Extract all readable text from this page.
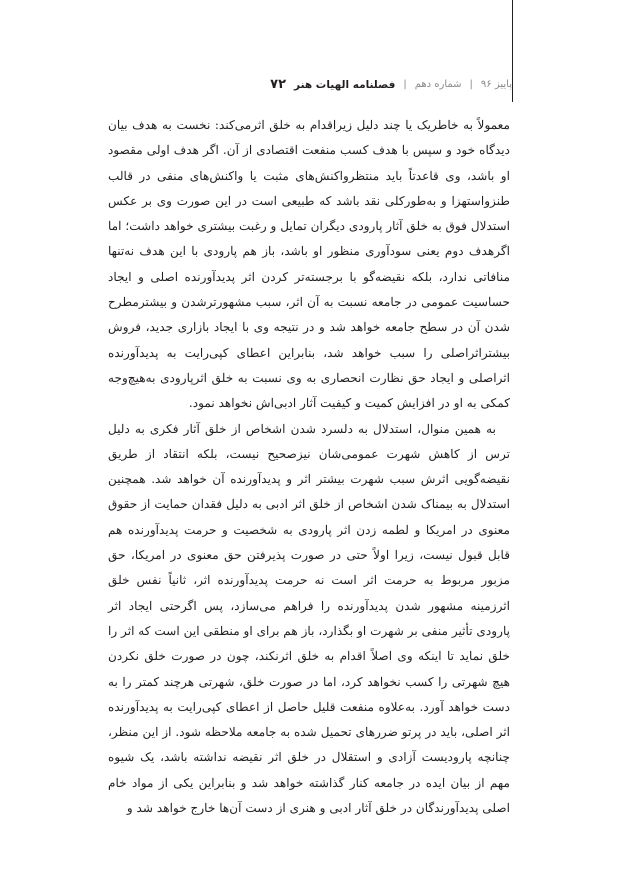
۷۲ فصلنامه الهیات هنر | شماره دهم | پاییز ۹۶

معمولاً به خاطریک یا چند دلیل زیراقدام به خلق اثرمی‌کند: نخست به هدف بیان دیدگاه خود و سپس با هدف کسب منفعت اقتصادی از آن. اگر هدف اولی مقصود او باشد، وی قاعدتاً باید منتظرواکنش‌های مثبت یا واکنش‌های منفی در قالب طنزواستهزا و به‌طورکلی نقد باشد که طبیعی است در این صورت وی بر عکس استدلال فوق به خلق آثار پارودی دیگران تمایل و رغبت بیشتری خواهد داشت؛ اما اگرهدف دوم یعنی سودآوری منظور او باشد، باز هم پارودی با این هدف نه‌تنها منافاتی ندارد، بلکه نقیضه‌گو با برجسته‌تر کردن اثر پدیدآورنده اصلی و ایجاد حساسیت عمومی در جامعه نسبت به آن اثر، سبب مشهورترشدن و بیشترمطرح شدن آن در سطح جامعه خواهد شد و در نتیجه وی با ایجاد بازاری جدید، فروش بیشتراثراصلی را سبب خواهد شد، بنابراین اعطای کپی‌رایت به پدیدآورنده اثراصلی و ایجاد حق نظارت انحصاری به وی نسبت به خلق اثرپارودی به‌هیچ‌وجه کمکی به او در افزایش کمیت و کیفیت آثار ادبی‌اش نخواهد نمود.

به همین منوال، استدلال به دلسرد شدن اشخاص از خلق آثار فکری به دلیل ترس از کاهش شهرت عمومی‌شان نیزصحیح نیست، بلکه انتقاد از طریق نقیضه‌گویی اثرش سبب شهرت بیشتر اثر و پدیدآورنده آن خواهد شد. همچنین استدلال به بیمناک شدن اشخاص از خلق اثر ادبی به دلیل فقدان حمایت از حقوق معنوی در امریکا و لطمه زدن اثر پارودی به شخصیت و حرمت پدیدآورنده هم قابل قبول نیست، زیرا اولاً حتی در صورت پذیرفتن حق معنوی در امریکا، حق مزبور مربوط به حرمت اثر است نه حرمت پدیدآورنده اثر، ثانیاً نفس خلق اثرزمینه مشهور شدن پدیدآورنده را فراهم می‌سازد، پس اگرحتی ایجاد اثر پارودی تأثیر منفی بر شهرت او بگذارد، باز هم برای او منطقی این است که اثر را خلق نماید تا اینکه وی اصلاً اقدام به خلق اثرنکند، چون در صورت خلق نکردن هیچ شهرتی را کسب نخواهد کرد، اما در صورت خلق، شهرتی هرچند کمتر را به دست خواهد آورد. به‌علاوه منفعت قلیل حاصل از اعطای کپی‌رایت به پدیدآورنده اثر اصلی، باید در پرتو ضررهای تحمیل شده به جامعه ملاحظه شود. از این منظر، چنانچه پارودیست آزادی و استقلال در خلق اثر نقیضه نداشته باشد، یک شیوه مهم از بیان ایده در جامعه کنار گذاشته خواهد شد و بنابراین یکی از مواد خام اصلی پدیدآورندگان در خلق آثار ادبی و هنری از دست آن‌ها خارج خواهد شد و
